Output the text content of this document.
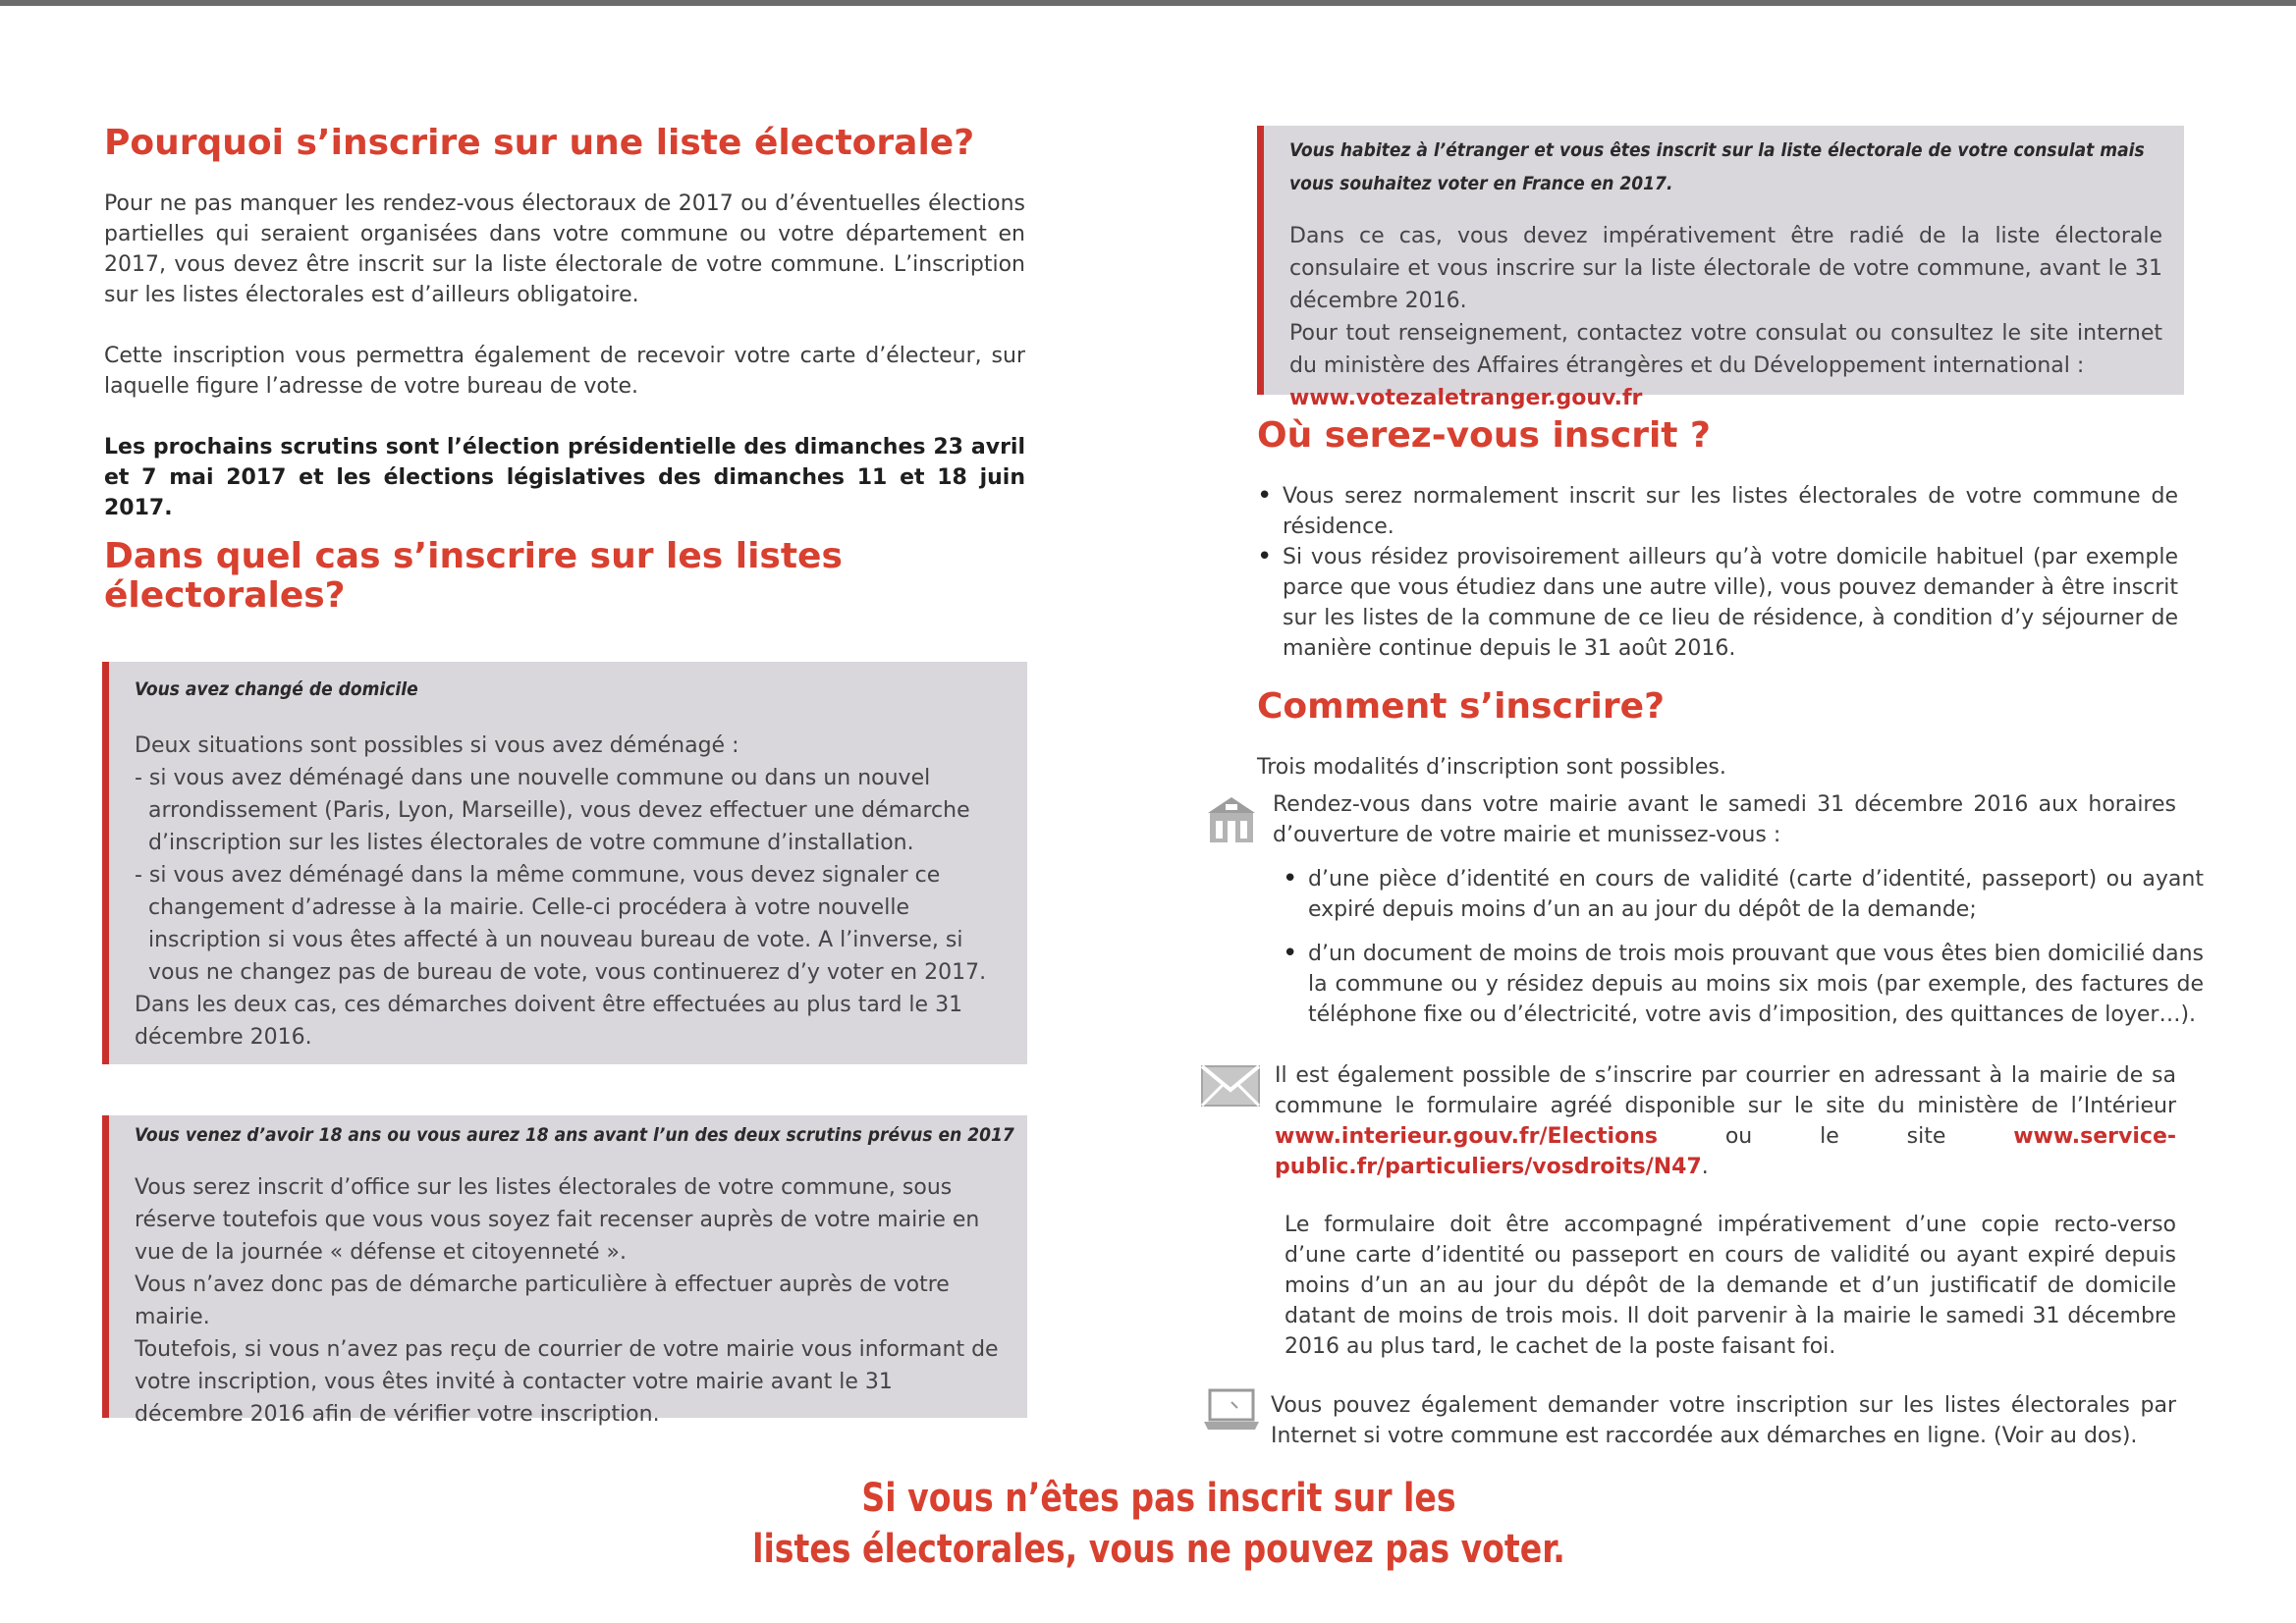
Pourquoi s’inscrire sur une liste électorale?

Pour ne pas manquer les rendez-vous électoraux de 2017 ou d’éventuelles élections partielles qui seraient organisées dans votre commune ou votre département en 2017, vous devez être inscrit sur la liste électorale de votre commune. L’inscription sur les listes électorales est d’ailleurs obligatoire.

Cette inscription vous permettra également de recevoir votre carte d’électeur, sur laquelle figure l’adresse de votre bureau de vote.

Les prochains scrutins sont l’élection présidentielle des dimanches 23 avril et 7 mai 2017 et les élections législatives des dimanches 11 et 18 juin 2017.

Dans quel cas s’inscrire sur les listes électorales?
Vous avez changé de domicile
Deux situations sont possibles si vous avez déménagé :
- si vous avez déménagé dans une nouvelle commune ou dans un nouvel arrondissement (Paris, Lyon, Marseille), vous devez effectuer une démarche d’inscription sur les listes électorales de votre commune d’installation.
- si vous avez déménagé dans la même commune, vous devez signaler ce changement d’adresse à la mairie. Celle-ci procédera à votre nouvelle inscription si vous êtes affecté à un nouveau bureau de vote. A l’inverse, si vous ne changez pas de bureau de vote, vous continuerez d’y voter en 2017.
Dans les deux cas, ces démarches doivent être effectuées au plus tard le 31 décembre 2016.
Vous venez d’avoir 18 ans ou vous aurez 18 ans avant l’un des deux scrutins prévus en 2017
Vous serez inscrit d’office sur les listes électorales de votre commune, sous réserve toutefois que vous vous soyez fait recenser auprès de votre mairie en vue de la journée « défense et citoyenneté ».
Vous n’avez donc pas de démarche particulière à effectuer auprès de votre mairie.
Toutefois, si vous n’avez pas reçu de courrier de votre mairie vous informant de votre inscription, vous êtes invité à contacter votre mairie avant le 31 décembre 2016 afin de vérifier votre inscription.
Vous habitez à l’étranger et vous êtes inscrit sur la liste électorale de votre consulat mais vous souhaitez voter en France en 2017.
Dans ce cas, vous devez impérativement être radié de la liste électorale consulaire et vous inscrire sur la liste électorale de votre commune, avant le 31 décembre 2016.
Pour tout renseignement, contactez votre consulat ou consultez le site internet du ministère des Affaires étrangères et du Développement international :
www.votezaletranger.gouv.fr
Où serez-vous inscrit ?
• Vous serez normalement inscrit sur les listes électorales de votre commune de résidence.
• Si vous résidez provisoirement ailleurs qu’à votre domicile habituel (par exemple parce que vous étudiez dans une autre ville), vous pouvez demander à être inscrit sur les listes de la commune de ce lieu de résidence, à condition d’y séjourner de manière continue depuis le 31 août 2016.
Comment s’inscrire?

Trois modalités d’inscription sont possibles.

Rendez-vous dans votre mairie avant le samedi 31 décembre 2016 aux horaires d’ouverture de votre mairie et munissez-vous :

• d’une pièce d’identité en cours de validité (carte d’identité, passeport) ou ayant expiré depuis moins d’un an au jour du dépôt de la demande;
• d’un document de moins de trois mois prouvant que vous êtes bien domicilié dans la commune ou y résidez depuis au moins six mois (par exemple, des factures de téléphone fixe ou d’électricité, votre avis d’imposition, des quittances de loyer…).

Il est également possible de s’inscrire par courrier en adressant à la mairie de sa commune le formulaire agréé disponible sur le site du ministère de l’Intérieur www.interieur.gouv.fr/Elections	ou le site	www.service-public.fr/particuliers/vosdroits/N47.

Le formulaire doit être accompagné impérativement d’une copie recto-verso d’une carte d’identité ou passeport en cours de validité ou ayant expiré depuis moins d’un an au jour du dépôt de la demande et d’un justificatif de domicile datant de moins de trois mois. Il doit parvenir à la mairie le samedi 31 décembre 2016 au plus tard, le cachet de la poste faisant foi.

Vous pouvez également demander votre inscription sur les listes électorales par Internet si votre commune est raccordée aux démarches en ligne. (Voir au dos).

Si vous n’êtes pas inscrit sur les
listes électorales, vous ne pouvez pas voter.
